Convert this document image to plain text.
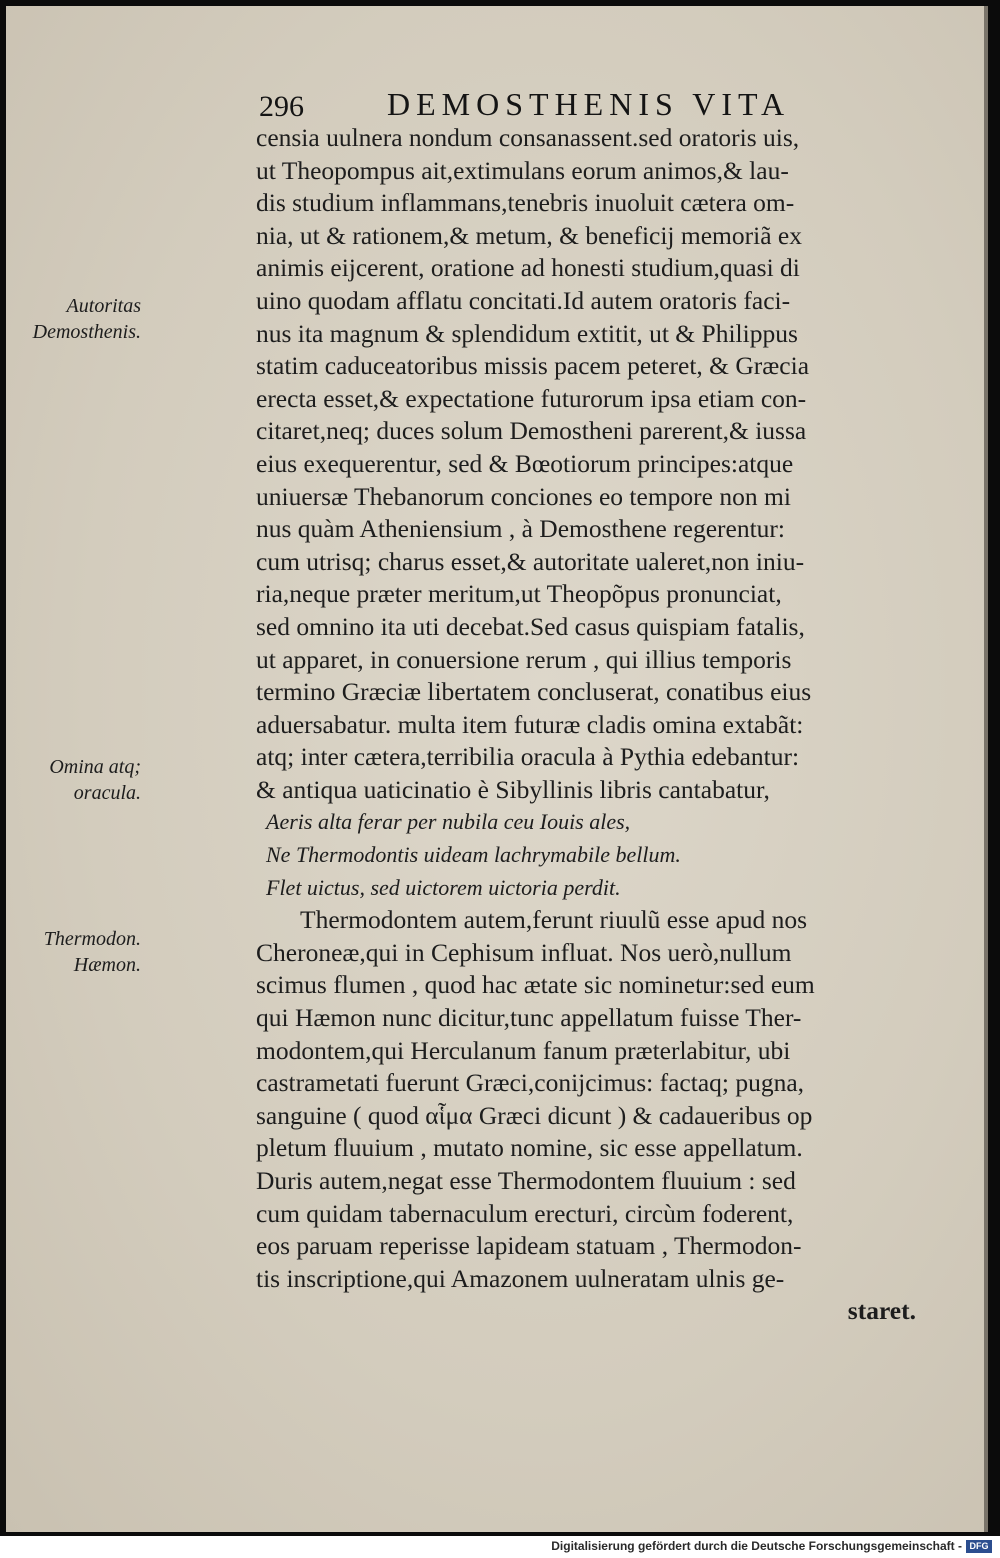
296	DEMOSTHENIS VITA
Autoritas Demosthenis.
Omina atq; oracula.
Thermodon. Hæmon.
censia uulnera nondum consanassent.sed oratoris uis,
ut Theopompus ait,extimulans eorum animos,& lau-
dis studium inflammans,tenebris inuoluit cætera om-
nia, ut & rationem,& metum, & beneficij memoriã ex
animis eijcerent, oratione ad honesti studium,quasi di
uino quodam afflatu concitati.Id autem oratoris faci-
nus ita magnum & splendidum extitit, ut & Philippus
statim caduceatoribus missis pacem peteret, & Græcia
erecta esset,& expectatione futurorum ipsa etiam con-
citaret,neq; duces solum Demostheni parerent,& iussa
eius exequerentur, sed & Bœotiorum principes:atque
uniuersæ Thebanorum conciones eo tempore non mi
nus quàm Atheniensium , à Demosthene regerentur:
cum utrisq; charus esset,& autoritate ualeret,non iniu-
ria,neque præter meritum,ut Theopõpus pronunciat,
sed omnino ita uti decebat.Sed casus quispiam fatalis,
ut apparet, in conuersione rerum , qui illius temporis
termino Græciæ libertatem concluserat, conatibus eius
aduersabatur. multa item futuræ cladis omina extabãt:
atq; inter cætera,terribilia oracula à Pythia edebantur:
& antiqua uaticinatio è Sibyllinis libris cantabatur,
Aeris alta ferar per nubila ceu Iouis ales,
Ne Thermodontis uideam lachrymabile bellum.
Flet uictus, sed uictorem uictoria perdit.
Thermodontem autem,ferunt riuulũ esse apud nos
Cheroneæ,qui in Cephisum influat. Nos uerò,nullum
scimus flumen , quod hac ætate sic nominetur:sed eum
qui Hæmon nunc dicitur,tunc appellatum fuisse Ther-
modontem,qui Herculanum fanum præterlabitur, ubi
castrametati fuerunt Græci,conijcimus: factaq; pugna,
sanguine ( quod αἷμα Græci dicunt ) & cadaueribus op
pletum fluuium , mutato nomine, sic esse appellatum.
Duris autem,negat esse Thermodontem fluuium : sed
cum quidam tabernaculum erecturi, circùm foderent,
eos paruam reperisse lapideam statuam , Thermodon-
tis inscriptione,qui Amazonem uulneratam ulnis ge-
staret.
Digitalisierung gefördert durch die Deutsche Forschungsgemeinschaft - DFG
